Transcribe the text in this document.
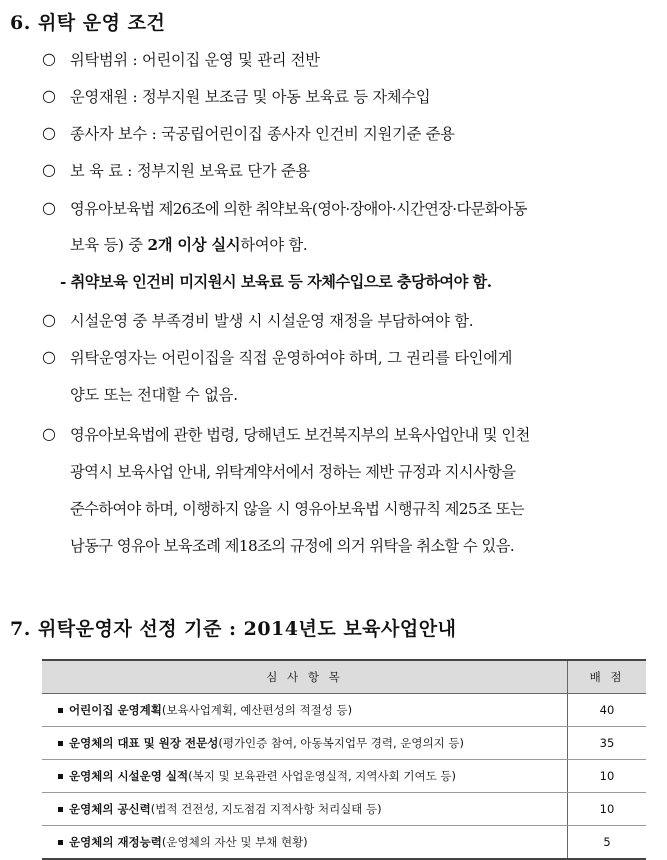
6. 위탁 운영 조건
○ 위탁범위 : 어린이집 운영 및 관리 전반
○ 운영재원 : 정부지원 보조금 및 아동 보육료 등 자체수입
○ 종사자 보수 : 국공립어린이집 종사자 인건비 지원기준 준용
○ 보 육 료 : 정부지원 보육료 단가 준용
○ 영유아보육법 제26조에 의한 취약보육(영아·장애아·시간연장·다문화아동
보육 등) 중 2개 이상 실시하여야 함.
- 취약보육 인건비 미지원시 보육료 등 자체수입으로 충당하여야 함.
○ 시설운영 중 부족경비 발생 시 시설운영 재정을 부담하여야 함.
○ 위탁운영자는 어린이집을 직접 운영하여야 하며, 그 권리를 타인에게
양도 또는 전대할 수 없음.
○ 영유아보육법에 관한 법령, 당해년도 보건복지부의 보육사업안내 및 인천
광역시 보육사업 안내, 위탁계약서에서 정하는 제반 규정과 지시사항을
준수하여야 하며, 이행하지 않을 시 영유아보육법 시행규칙 제25조 또는
남동구 영유아 보육조례 제18조의 규정에 의거 위탁을 취소할 수 있음.
7. 위탁운영자 선정 기준 : 2014년도 보육사업안내
심 사 항 목	배 점
어린이집 운영계획(보육사업계획, 예산편성의 적절성 등)	40
운영체의 대표 및 원장 전문성(평가인증 참여, 아동복지업무 경력, 운영의지 등)	35
운영체의 시설운영 실적(복지 및 보육관련 사업운영실적, 지역사회 기여도 등)	10
운영체의 공신력(법적 건전성, 지도점검 지적사항 처리실태 등)	10
운영체의 재정능력(운영체의 자산 및 부채 현황)	5
